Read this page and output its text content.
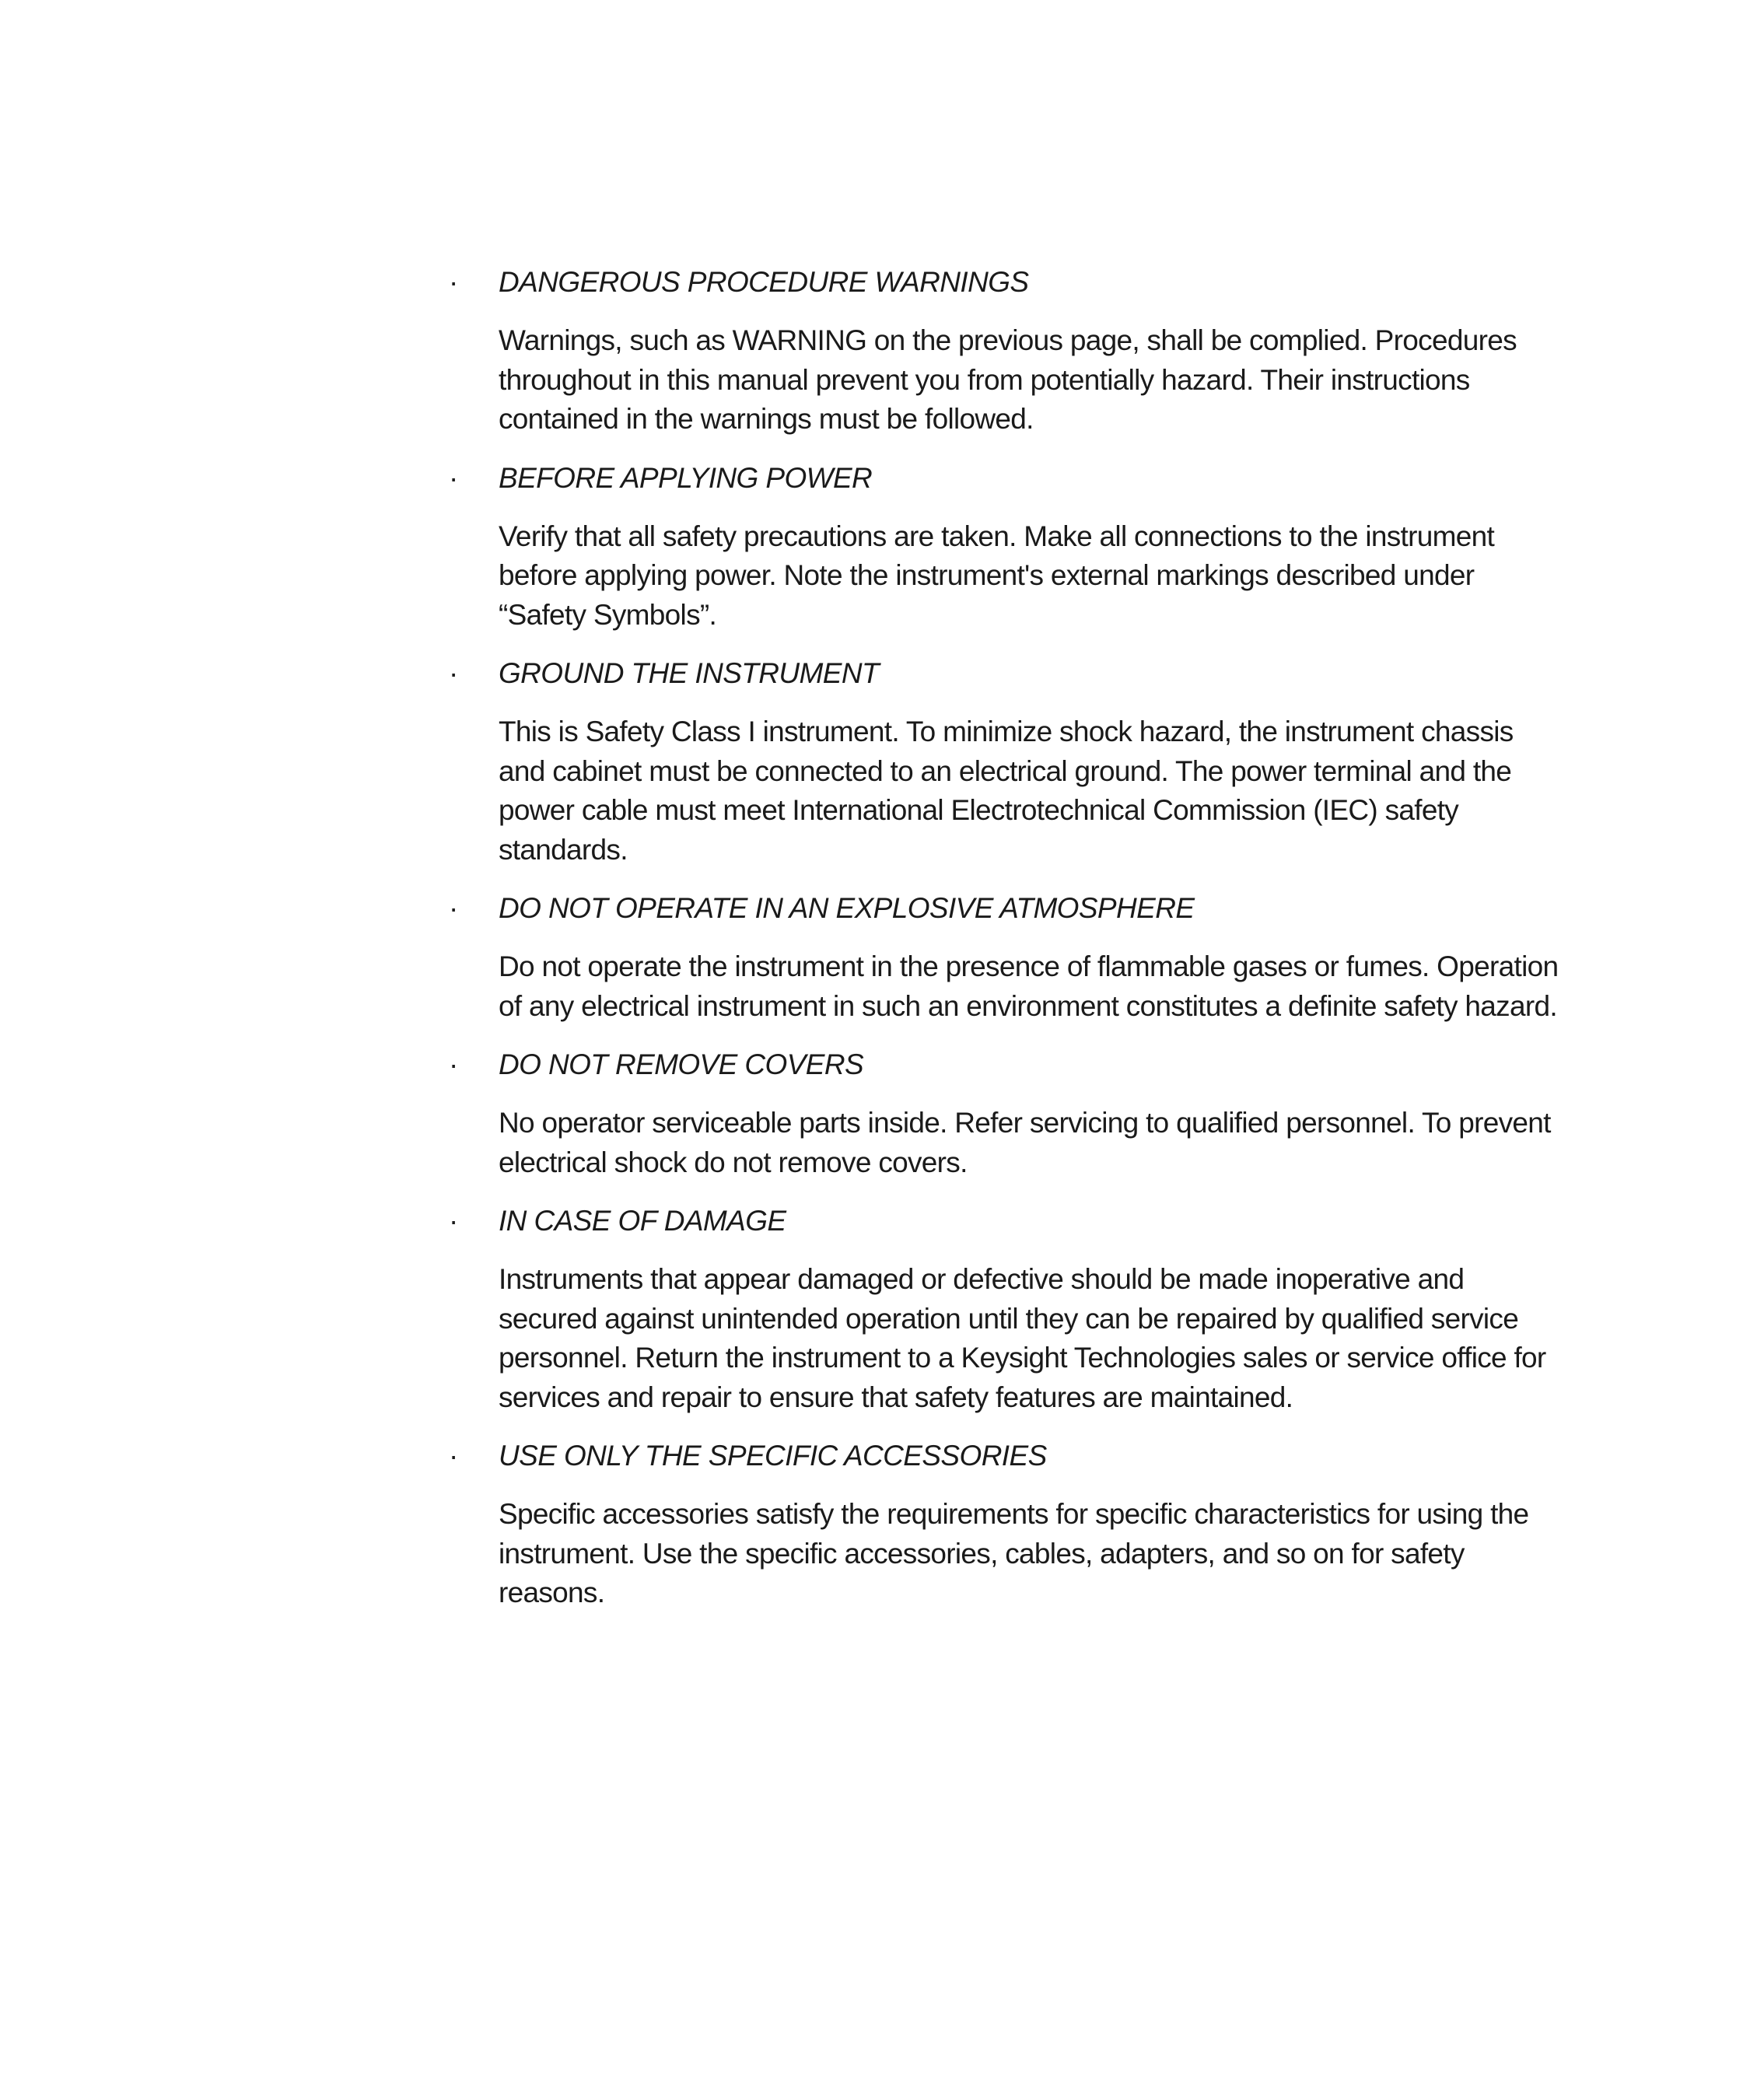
· DANGEROUS PROCEDURE WARNINGS

Warnings, such as WARNING on the previous page, shall be complied. Procedures throughout in this manual prevent you from potentially hazard. Their instructions contained in the warnings must be followed.

· BEFORE APPLYING POWER

Verify that all safety precautions are taken. Make all connections to the instrument before applying power. Note the instrument's external markings described under “Safety Symbols”.

· GROUND THE INSTRUMENT

This is Safety Class I instrument. To minimize shock hazard, the instrument chassis and cabinet must be connected to an electrical ground. The power terminal and the power cable must meet International Electrotechnical Commission (IEC) safety standards.

· DO NOT OPERATE IN AN EXPLOSIVE ATMOSPHERE

Do not operate the instrument in the presence of flammable gases or fumes. Operation of any electrical instrument in such an environment constitutes a definite safety hazard.

· DO NOT REMOVE COVERS

No operator serviceable parts inside. Refer servicing to qualified personnel. To prevent electrical shock do not remove covers.

· IN CASE OF DAMAGE

Instruments that appear damaged or defective should be made inoperative and secured against unintended operation until they can be repaired by qualified service personnel. Return the instrument to a Keysight Technologies sales or service office for services and repair to ensure that safety features are maintained.

· USE ONLY THE SPECIFIC ACCESSORIES

Specific accessories satisfy the requirements for specific characteristics for using the instrument. Use the specific accessories, cables, adapters, and so on for safety reasons.
